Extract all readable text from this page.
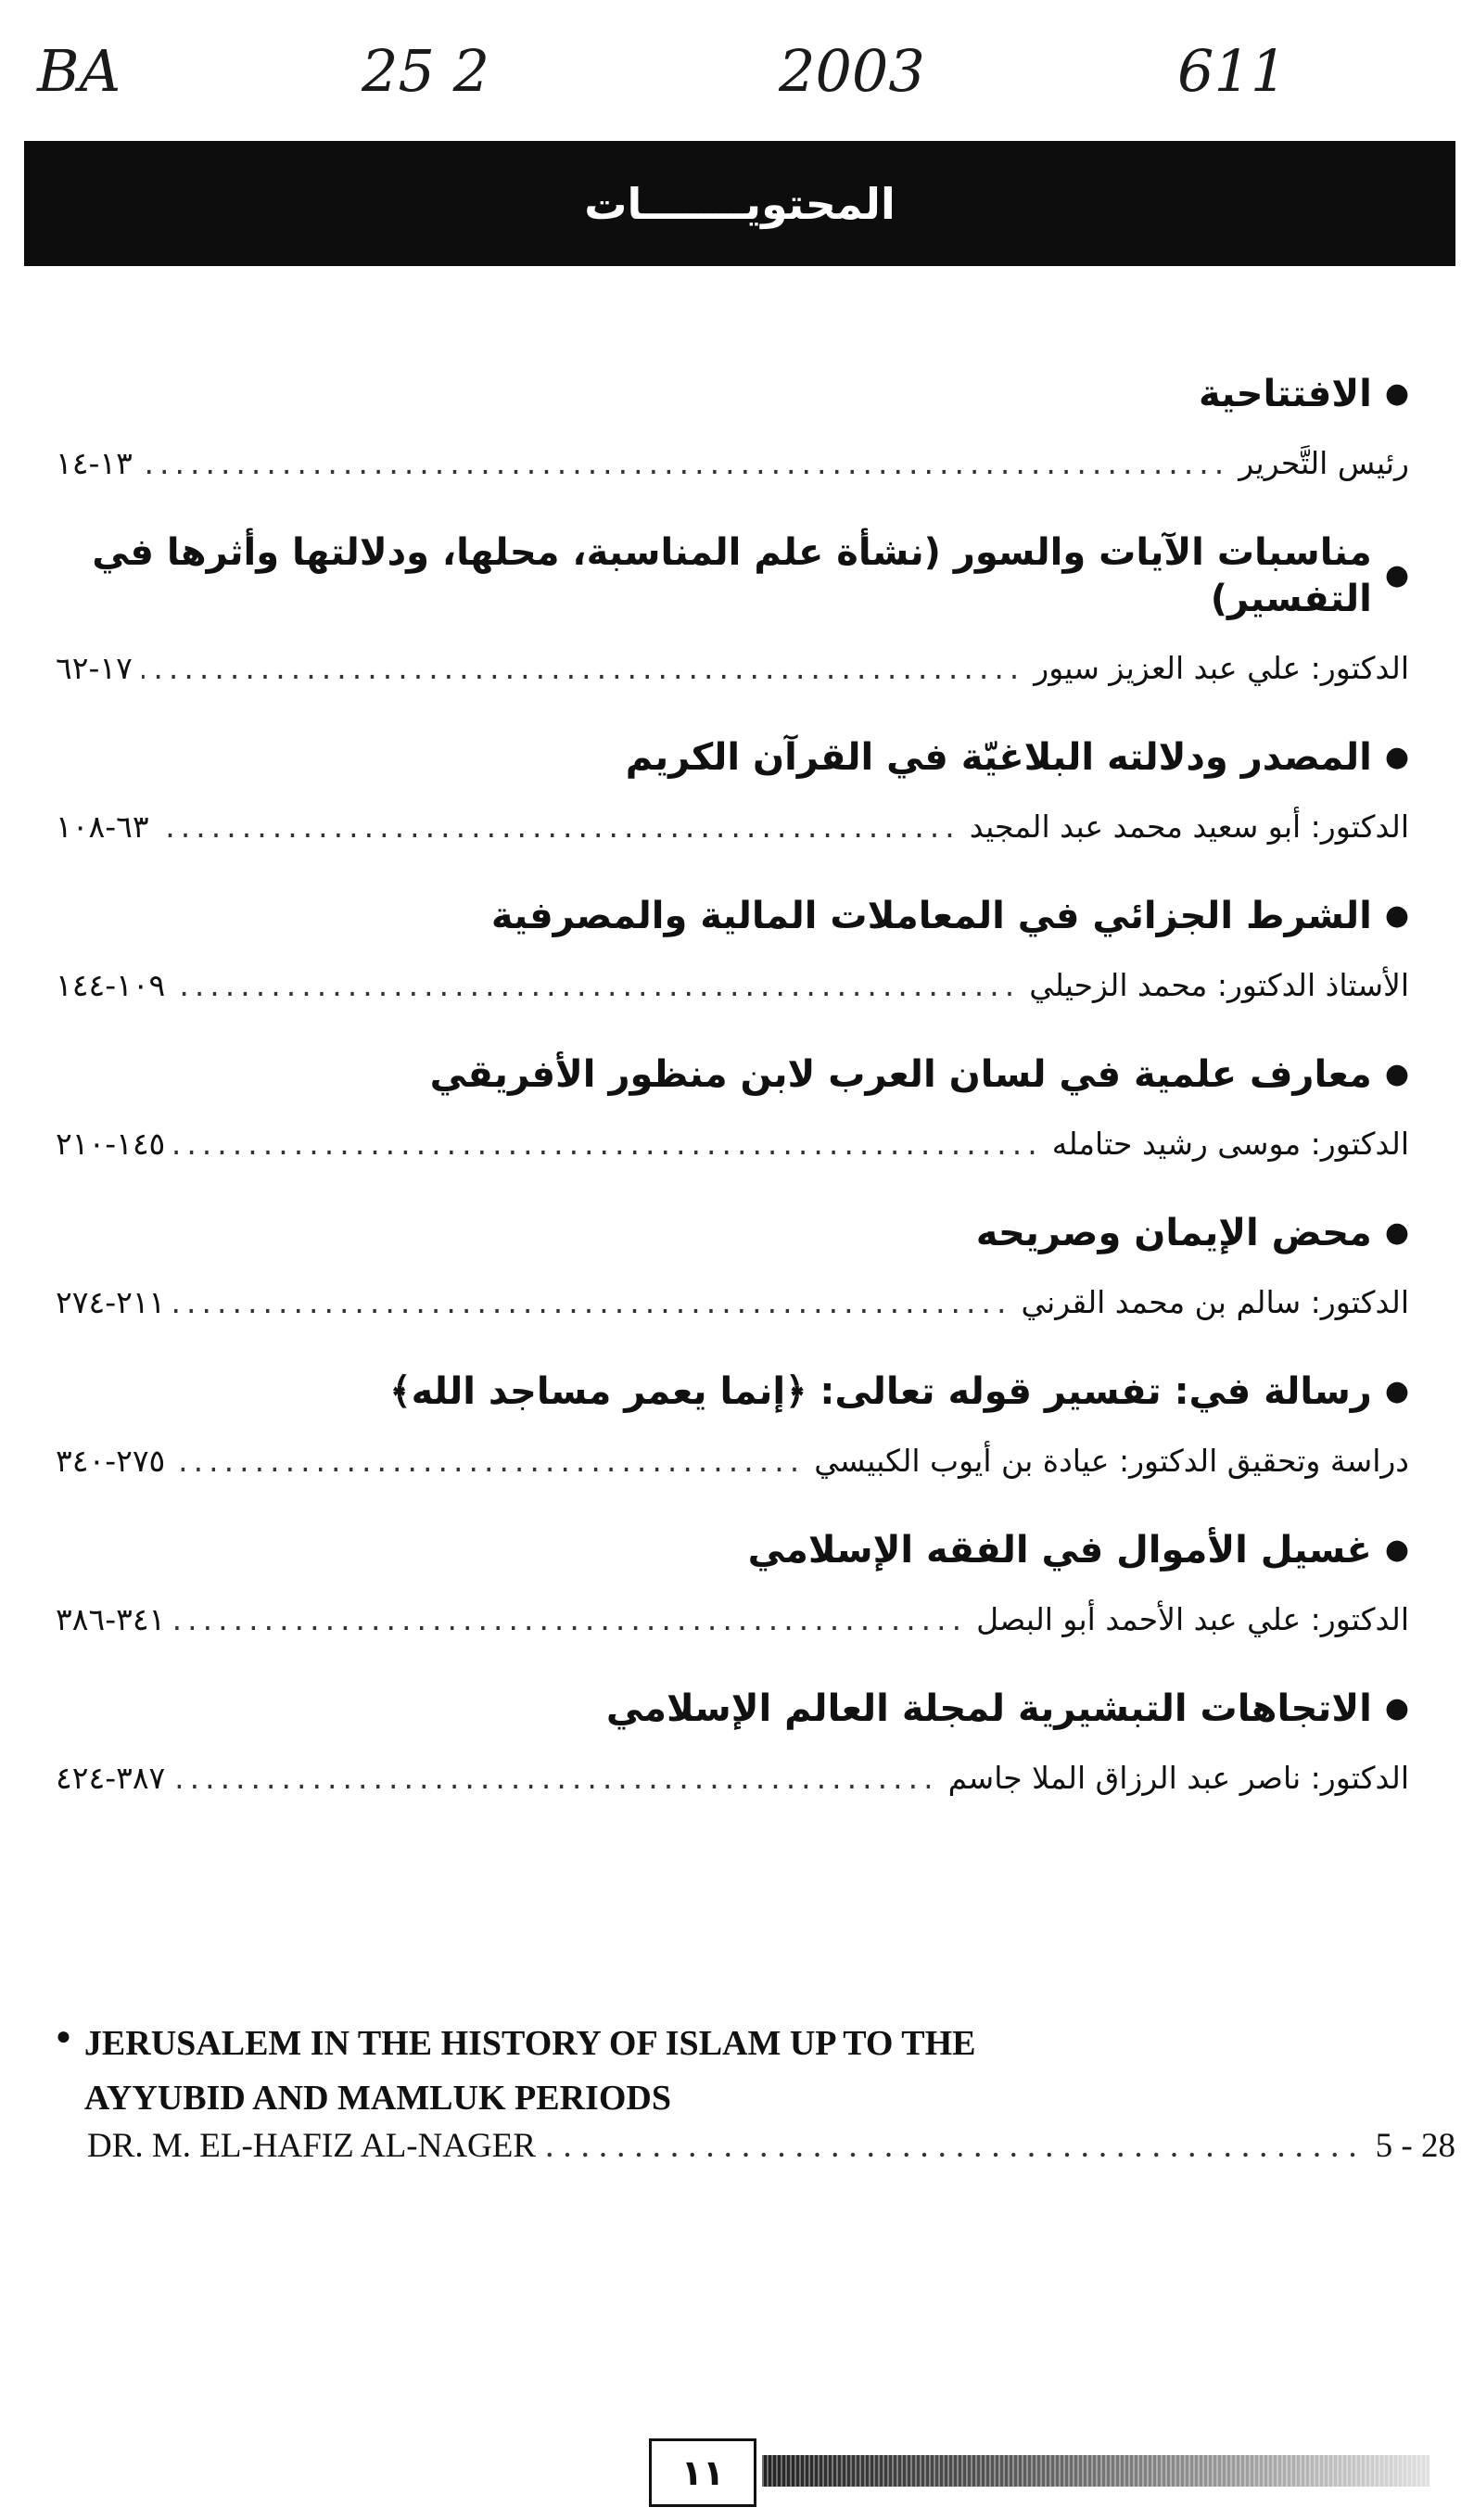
BA	25 2	2003	611
المحتويـــــــات
●
الافتتاحية
رئيس التَّحرير
.....
١٣-١٤
●
مناسبات الآيات والسور (نشأة علم المناسبة، محلها، ودلالتها وأثرها في التفسير)
الدكتور: علي عبد العزيز سيور
.....
١٧-٦٢
●
المصدر ودلالته البلاغيّة في القرآن الكريم
الدكتور: أبو سعيد محمد عبد المجيد
.....
٦٣-١٠٨
●
الشرط الجزائي في المعاملات المالية والمصرفية
الأستاذ الدكتور: محمد الزحيلي
.....
١٠٩-١٤٤
●
معارف علمية في لسان العرب لابن منظور الأفريقي
الدكتور: موسى رشيد حتامله
.....
١٤٥-٢١٠
●
محض الإيمان وصريحه
الدكتور: سالم بن محمد القرني
.....
٢١١-٢٧٤
●
رسالة في: تفسير قوله تعالى: ﴿إنما يعمر مساجد الله﴾
دراسة وتحقيق الدكتور: عيادة بن أيوب الكبيسي
.....
٢٧٥-٣٤٠
●
غسيل الأموال في الفقه الإسلامي
الدكتور: علي عبد الأحمد أبو البصل
.....
٣٤١-٣٨٦
●
الاتجاهات التبشيرية لمجلة العالم الإسلامي
الدكتور: ناصر عبد الرزاق الملا جاسم
.....
٣٨٧-٤٢٤
● JERUSALEM IN THE HISTORY OF ISLAM UP TO THE
AYYUBID AND MAMLUK PERIODS
DR. M. EL-HAFIZ AL-NAGER
.....	5 - 28
١١
